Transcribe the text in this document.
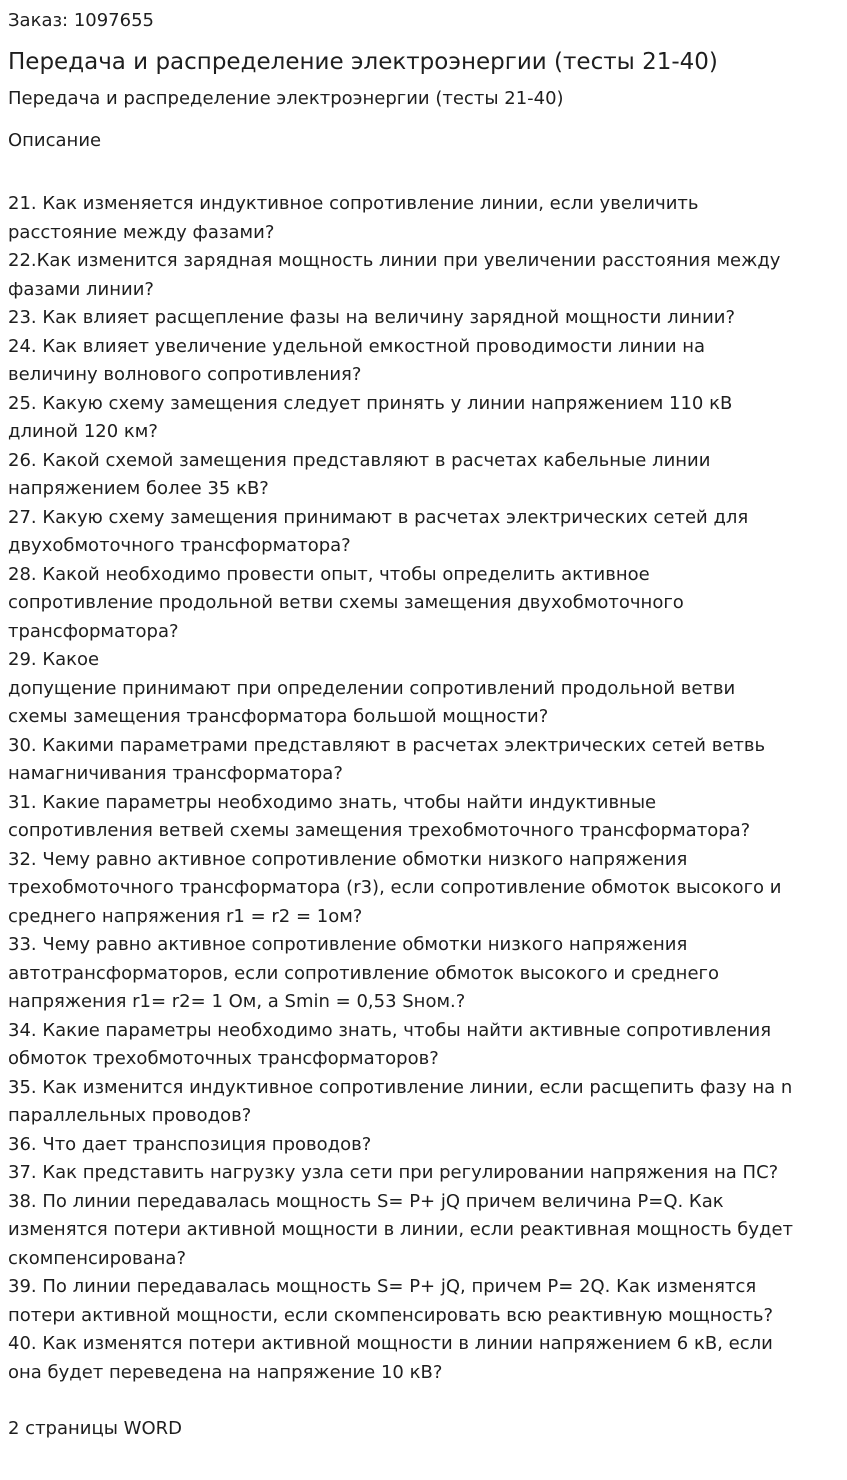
Заказ: 1097655
Передача и распределение электроэнергии (тесты 21-40)
Передача и распределение электроэнергии (тесты 21-40)
Описание
21. Как изменяется индуктивное сопротивление линии, если увеличить
расстояние между фазами?
22.Как изменится зарядная мощность линии при увеличении расстояния между
фазами линии?
23. Как влияет расщепление фазы на величину зарядной мощности линии?
24. Как влияет увеличение удельной емкостной проводимости линии на
величину волнового сопротивления?
25. Какую схему замещения следует принять у линии напряжением 110 кВ
длиной 120 км?
26. Какой схемой замещения представляют в расчетах кабельные линии
напряжением более 35 кВ?
27. Какую схему замещения принимают в расчетах электрических сетей для
двухобмоточного трансформатора?
28. Какой необходимо провести опыт, чтобы определить активное
сопротивление продольной ветви схемы замещения двухобмоточного
трансформатора?
29. Какое
допущение принимают при определении сопротивлений продольной ветви
схемы замещения трансформатора большой мощности?
30. Какими параметрами представляют в расчетах электрических сетей ветвь
намагничивания трансформатора?
31. Какие параметры необходимо знать, чтобы найти индуктивные
сопротивления ветвей схемы замещения трехобмоточного трансформатора?
32. Чему равно активное сопротивление обмотки низкого напряжения
трехобмоточного трансформатора (r3), если сопротивление обмоток высокого и
среднего напряжения r1 = r2 = 1ом?
33. Чему равно активное сопротивление обмотки низкого напряжения
автотрансформаторов, если сопротивление обмоток высокого и среднего
напряжения r1= r2= 1 Ом, а Smin = 0,53 Sном.?
34. Какие параметры необходимо знать, чтобы найти активные сопротивления
обмоток трехобмоточных трансформаторов?
35. Как изменится индуктивное сопротивление линии, если расщепить фазу на n
параллельных проводов?
36. Что дает транспозиция проводов?
37. Как представить нагрузку узла сети при регулировании напряжения на ПС?
38. По линии передавалась мощность S= P+ jQ причем величина P=Q. Как
изменятся потери активной мощности в линии, если реактивная мощность будет
скомпенсирована?
39. По линии передавалась мощность S= P+ jQ, причем P= 2Q. Как изменятся
потери активной мощности, если скомпенсировать всю реактивную мощность?
40. Как изменятся потери активной мощности в линии напряжением 6 кВ, если
она будет переведена на напряжение 10 кВ?
2 страницы WORD
